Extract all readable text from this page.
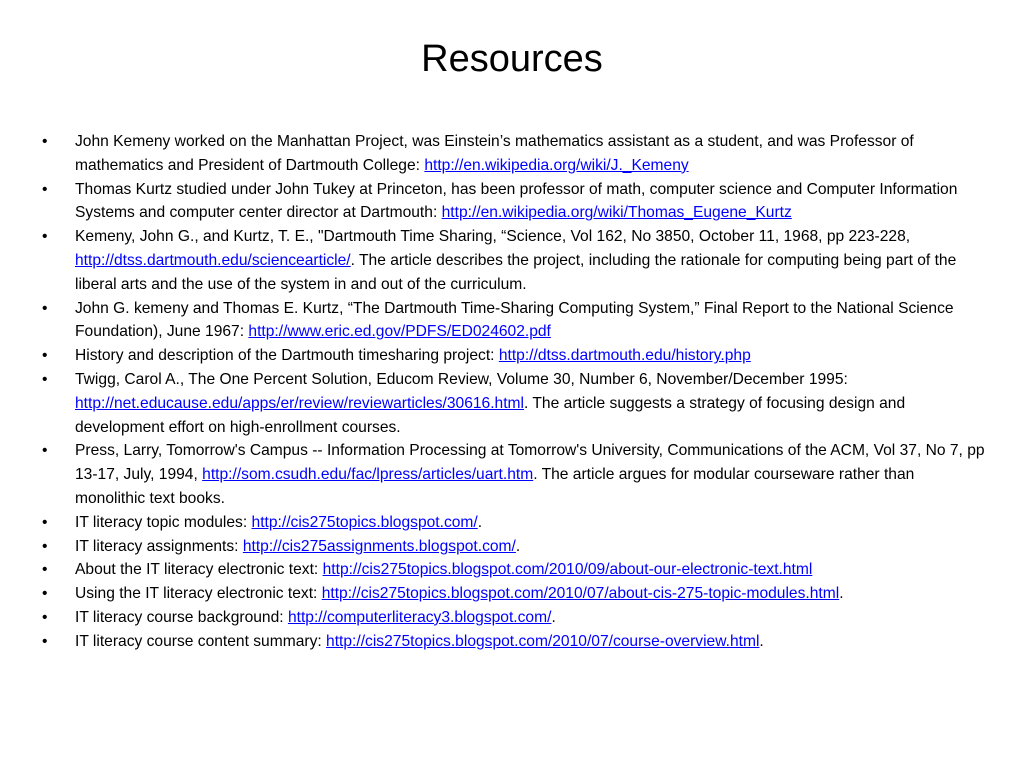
Resources
•	John Kemeny worked on the Manhattan Project, was Einstein’s mathematics assistant as a student, and was Professor of mathematics and President of Dartmouth College: http://en.wikipedia.org/wiki/J._Kemeny
•	Thomas Kurtz studied under John Tukey at Princeton, has been professor of math, computer science and Computer Information Systems and computer center director at Dartmouth: http://en.wikipedia.org/wiki/Thomas_Eugene_Kurtz
•	Kemeny, John G., and Kurtz, T. E., "Dartmouth Time Sharing, “Science, Vol 162, No 3850, October 11, 1968, pp 223-228, http://dtss.dartmouth.edu/sciencearticle/. The article describes the project, including the rationale for computing being part of the liberal arts and the use of the system in and out of the curriculum.
•	John G. kemeny and Thomas E. Kurtz, “The Dartmouth Time-Sharing Computing System,” Final Report to the National Science Foundation), June 1967: http://www.eric.ed.gov/PDFS/ED024602.pdf
•	History and description of the Dartmouth timesharing project: http://dtss.dartmouth.edu/history.php
•	Twigg, Carol A., The One Percent Solution, Educom Review, Volume 30, Number 6, November/December 1995: http://net.educause.edu/apps/er/review/reviewarticles/30616.html. The article suggests a strategy of focusing design and development effort on high-enrollment courses.
•	Press, Larry, Tomorrow's Campus -- Information Processing at Tomorrow's University, Communications of the ACM, Vol 37, No 7, pp 13-17, July, 1994, http://som.csudh.edu/fac/lpress/articles/uart.htm. The article argues for modular courseware rather than monolithic text books.
•	IT literacy topic modules: http://cis275topics.blogspot.com/.
•	IT literacy assignments: http://cis275assignments.blogspot.com/.
•	About the IT literacy electronic text: http://cis275topics.blogspot.com/2010/09/about-our-electronic-text.html
•	Using the IT literacy electronic text: http://cis275topics.blogspot.com/2010/07/about-cis-275-topic-modules.html.
•	IT literacy course background: http://computerliteracy3.blogspot.com/.
•	IT literacy course content summary: http://cis275topics.blogspot.com/2010/07/course-overview.html.
